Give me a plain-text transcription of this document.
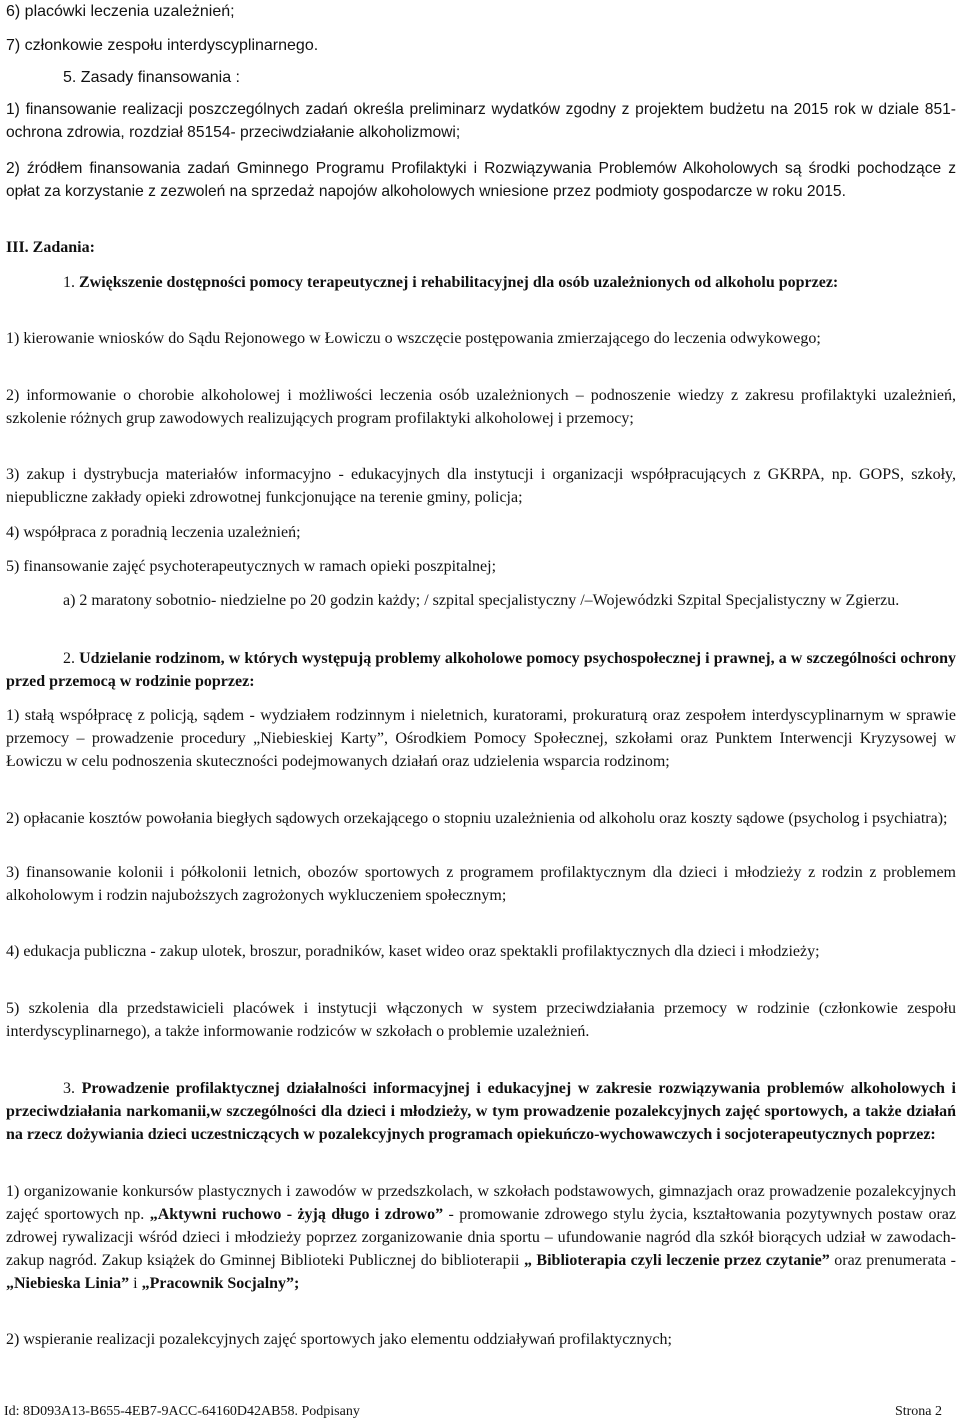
6) placówki leczenia uzależnień;

7) członkowie zespołu interdyscyplinarnego.

5. Zasady finansowania :

1) finansowanie realizacji poszczególnych zadań określa preliminarz wydatków zgodny z projektem budżetu na 2015 rok w dziale 851- ochrona zdrowia, rozdział 85154- przeciwdziałanie alkoholizmowi;

2) źródłem finansowania zadań Gminnego Programu Profilaktyki i Rozwiązywania Problemów Alkoholowych są środki pochodzące z opłat za korzystanie z zezwoleń na sprzedaż napojów alkoholowych wniesione przez podmioty gospodarcze w roku 2015.

III. Zadania:

1. Zwiększenie dostępności pomocy terapeutycznej i rehabilitacyjnej dla osób uzależnionych od alkoholu poprzez:

1) kierowanie wniosków do Sądu Rejonowego w Łowiczu o wszczęcie postępowania zmierzającego do leczenia odwykowego;

2) informowanie o chorobie alkoholowej i możliwości leczenia osób uzależnionych – podnoszenie wiedzy z zakresu profilaktyki uzależnień, szkolenie różnych grup zawodowych realizujących program profilaktyki alkoholowej i przemocy;

3) zakup i dystrybucja materiałów informacyjno - edukacyjnych dla instytucji i organizacji współpracujących z GKRPA, np. GOPS, szkoły, niepubliczne zakłady opieki zdrowotnej funkcjonujące na terenie gminy, policja;

4) współpraca z poradnią leczenia uzależnień;

5) finansowanie zajęć psychoterapeutycznych w ramach opieki poszpitalnej;

a) 2 maratony sobotnio- niedzielne po 20 godzin każdy; / szpital specjalistyczny /–Wojewódzki Szpital Specjalistyczny w Zgierzu.

2. Udzielanie rodzinom, w których występują problemy alkoholowe pomocy psychospołecznej i prawnej, a w szczególności ochrony przed przemocą w rodzinie poprzez:

1) stałą współpracę z policją, sądem - wydziałem rodzinnym i nieletnich, kuratorami, prokuraturą oraz zespołem interdyscyplinarnym w sprawie przemocy – prowadzenie procedury „Niebieskiej Karty”, Ośrodkiem Pomocy Społecznej, szkołami oraz Punktem Interwencji Kryzysowej w Łowiczu w celu podnoszenia skuteczności podejmowanych działań oraz udzielenia wsparcia rodzinom;

2) opłacanie kosztów powołania biegłych sądowych orzekającego o stopniu uzależnienia od alkoholu oraz koszty sądowe (psycholog i psychiatra);

3) finansowanie kolonii i półkolonii letnich, obozów sportowych z programem profilaktycznym dla dzieci i młodzieży z rodzin z problemem alkoholowym i rodzin najuboższych zagrożonych wykluczeniem społecznym;

4) edukacja publiczna - zakup ulotek, broszur, poradników, kaset wideo oraz spektakli profilaktycznych dla dzieci i młodzieży;

5) szkolenia dla przedstawicieli placówek i instytucji włączonych w system przeciwdziałania przemocy w rodzinie (członkowie zespołu interdyscyplinarnego), a także informowanie rodziców w szkołach o problemie uzależnień.

3. Prowadzenie profilaktycznej działalności informacyjnej i edukacyjnej w zakresie rozwiązywania problemów alkoholowych i przeciwdziałania narkomanii,w szczególności dla dzieci i młodzieży, w tym prowadzenie pozalekcyjnych zajęć sportowych, a także działań na rzecz dożywiania dzieci uczestniczących w pozalekcyjnych programach opiekuńczo-wychowawczych i socjoterapeutycznych poprzez:

1) organizowanie konkursów plastycznych i zawodów w przedszkolach, w szkołach podstawowych, gimnazjach oraz prowadzenie pozalekcyjnych zajęć sportowych np. „Aktywni ruchowo - żyją długo i zdrowo” - promowanie zdrowego stylu życia, kształtowania pozytywnych postaw oraz zdrowej rywalizacji wśród dzieci i młodzieży poprzez zorganizowanie dnia sportu – ufundowanie nagród dla szkół biorących udział w zawodach-zakup nagród. Zakup książek do Gminnej Biblioteki Publicznej do biblioterapii „ Biblioterapia czyli leczenie przez czytanie” oraz prenumerata - „Niebieska Linia” i „Pracownik Socjalny”;

2) wspieranie realizacji pozalekcyjnych zajęć sportowych jako elementu oddziaływań profilaktycznych;

Id: 8D093A13-B655-4EB7-9ACC-64160D42AB58. Podpisany	Strona 2
